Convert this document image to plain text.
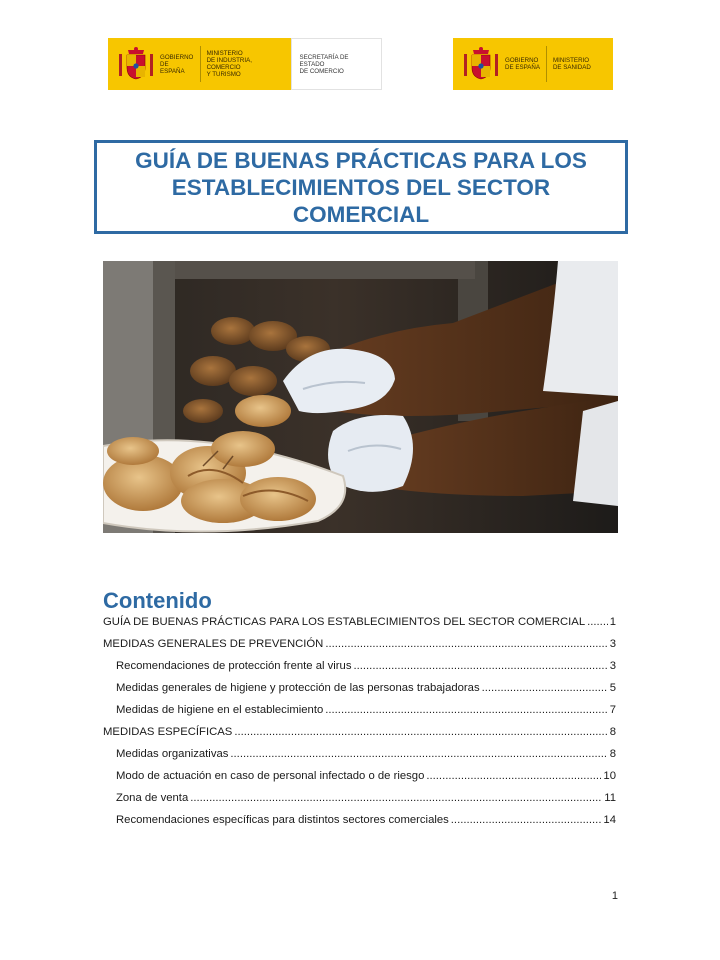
GOBIERNO
DE ESPAÑA
MINISTERIO
DE INDUSTRIA, COMERCIO
Y TURISMO
SECRETARÍA DE ESTADO
DE COMERCIO
GOBIERNO
DE ESPAÑA
MINISTERIO
DE SANIDAD
GUÍA DE BUENAS PRÁCTICAS PARA LOS ESTABLECIMIENTOS DEL SECTOR COMERCIAL
Contenido
GUÍA DE BUENAS PRÁCTICAS PARA LOS ESTABLECIMIENTOS DEL SECTOR COMERCIAL ..... 1
MEDIDAS GENERALES DE PREVENCIÓN .....	3
Recomendaciones de protección frente al virus .....	3
Medidas generales de higiene y protección de las personas trabajadoras .....	5
Medidas de higiene en el establecimiento .....	7
MEDIDAS ESPECÍFICAS .....	8
Medidas organizativas .....	8
Modo de actuación en caso de personal infectado o de riesgo .....	10
Zona de venta .....	11
Recomendaciones específicas para distintos sectores comerciales .....	14
1
